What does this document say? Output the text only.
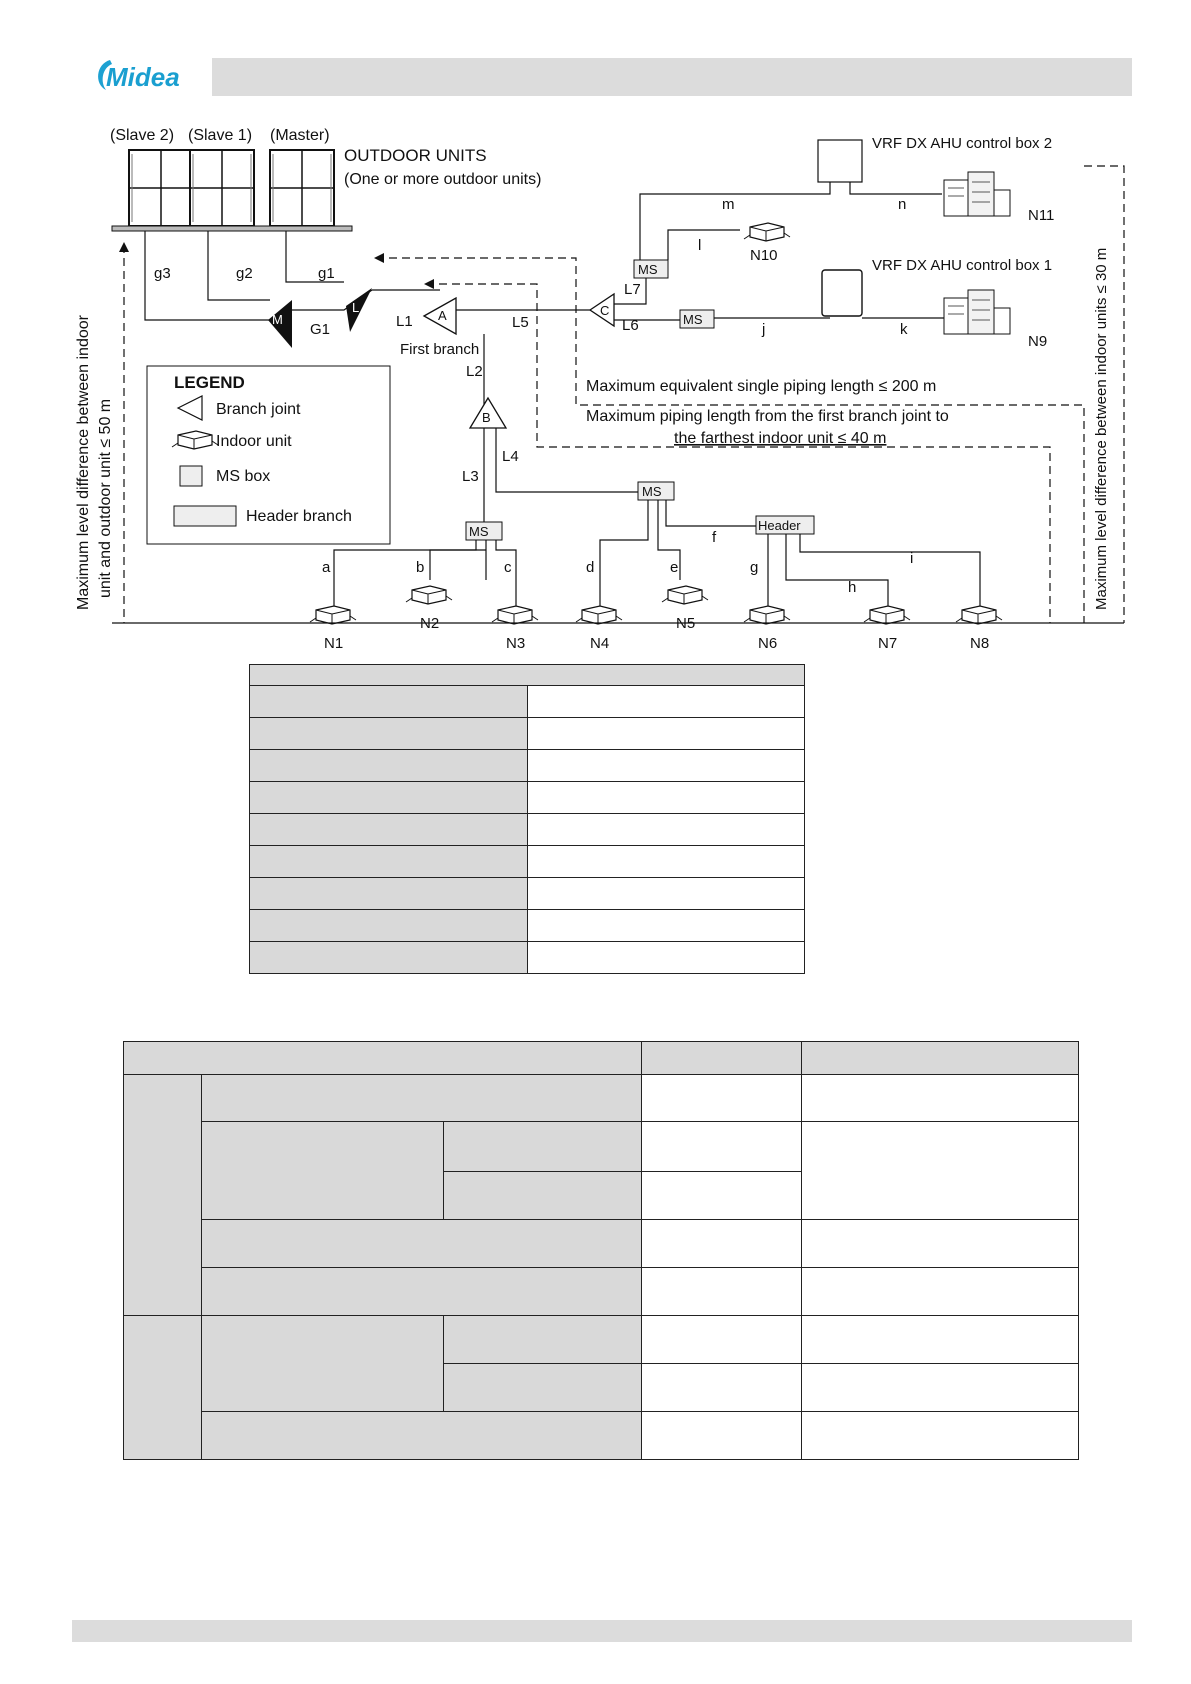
Midea
(Slave 2) (Slave 1) (Master)
OUTDOOR UNITS
(One or more outdoor units)
M
L
g3	g2	g1
G1	L1 A
First branch
L5
L2
C
L7
L6
MS
m
l
N10
VRF DX AHU control box 2
n
N11
MS
j	k
VRF DX AHU control box 1
N9
B
L3
L4
MS
a	b	c
MS
d	e
f
Header
g
h
i
N1
N2
N3	N4
N5
N6	N7	N8
Maximum equivalent single piping length ≤ 200 m
Maximum piping length from the first branch joint to
the farthest indoor unit ≤ 40 m
Maximum level difference between indoor unit and outdoor unit ≤ 50 m	Maximum level difference between indoor units ≤ 30 m
LEGEND
Branch joint
Indoor unit
MS box
Header branch
